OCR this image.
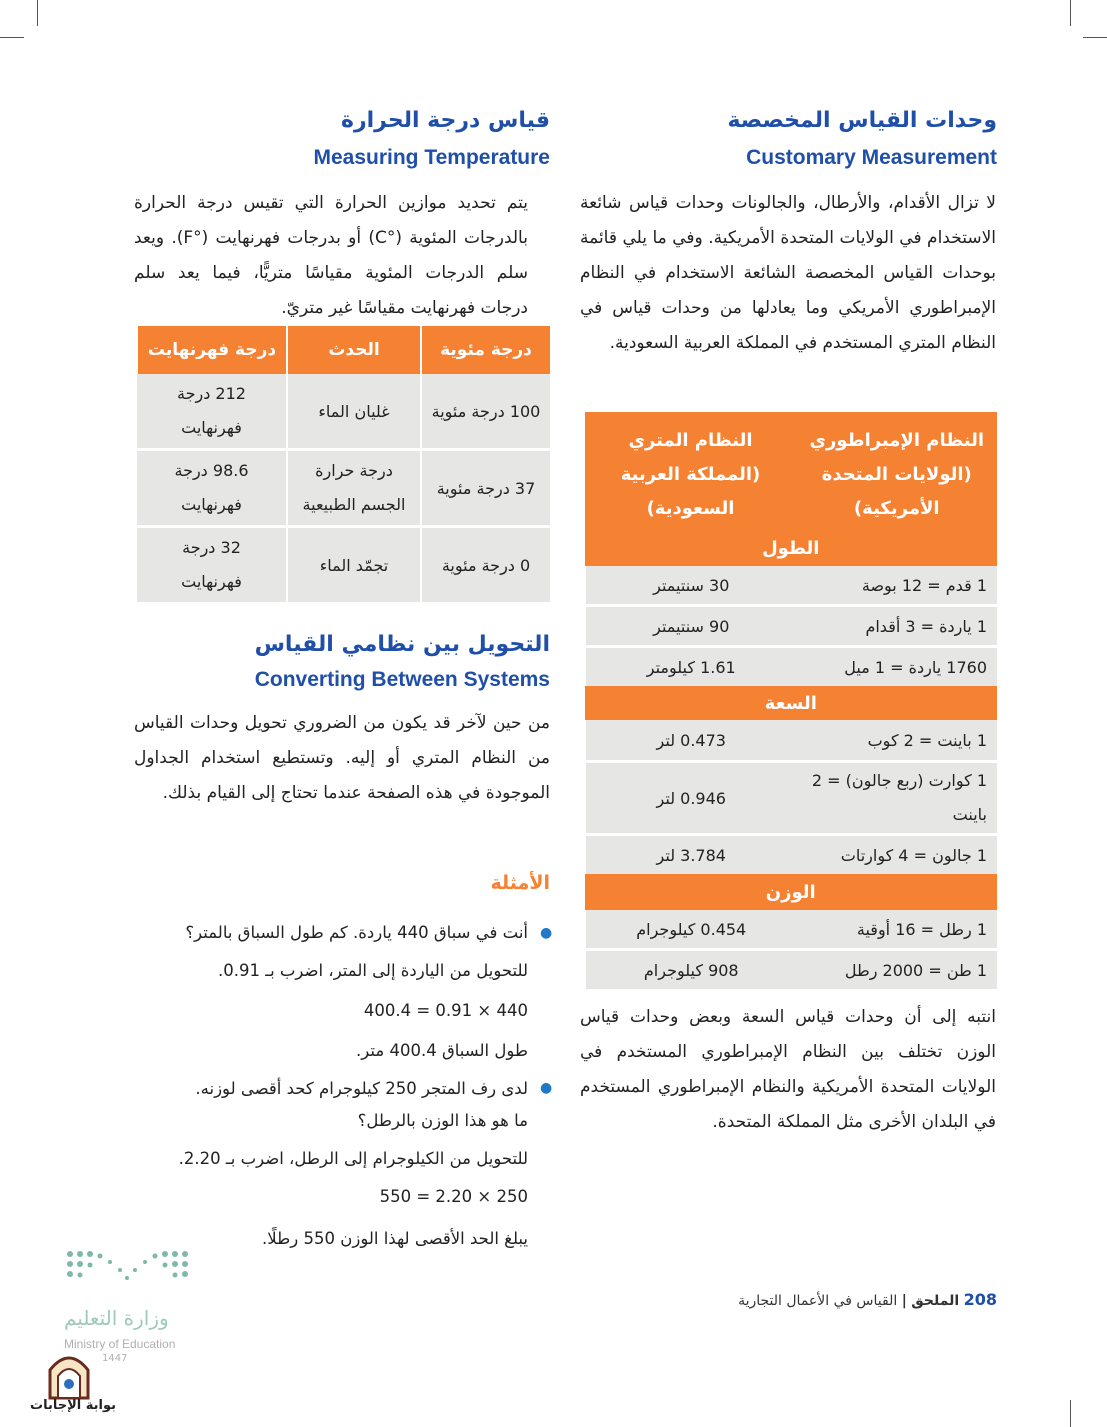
وحدات القياس المخصصة
Customary Measurement
لا تزال الأقدام، والأرطال، والجالونات وحدات قياس شائعة الاستخدام في الولايات المتحدة الأمريكية. وفي ما يلي قائمة بوحدات القياس المخصصة الشائعة الاستخدام في النظام الإمبراطوري الأمريكي وما يعادلها من وحدات قياس في النظام المتري المستخدم في المملكة العربية السعودية.
النظام المتري (المملكة العربية السعودية)	النظام الإمبراطوري (الولايات المتحدة الأمريكية)
الطول	
30 سنتيمتر	1 قدم = 12 بوصة
90 سنتيمتر	1 ياردة = 3 أقدام
1.61 كيلومتر	1760 ياردة = 1 ميل
السعة	
0.473 لتر	1 باينت = 2 كوب
0.946 لتر	1 كوارت (ربع جالون) = 2 باينت
3.784 لتر	1 جالون = 4 كوارتات
الوزن	
0.454 كيلوجرام	1 رطل = 16 أوقية
908 كيلوجرام	1 طن = 2000 رطل
انتبه إلى أن وحدات قياس السعة وبعض وحدات قياس الوزن تختلف بين النظام الإمبراطوري المستخدم في الولايات المتحدة الأمريكية والنظام الإمبراطوري المستخدم في البلدان الأخرى مثل المملكة المتحدة.
قياس درجة الحرارة
Measuring Temperature
يتم تحديد موازين الحرارة التي تقيس درجة الحرارة بالدرجات المئوية (°C) أو بدرجات فهرنهايت (°F). ويعد سلم الدرجات المئوية مقياسًا متريًّا، فيما يعد سلم درجات فهرنهايت مقياسًا غير متريّ.
درجة فهرنهايت	الحدث	درجة مئوية
212 درجة فهرنهايت	غليان الماء	100 درجة مئوية
98.6 درجة فهرنهايت	درجة حرارة الجسم الطبيعية	37 درجة مئوية
32 درجة فهرنهايت	تجمّد الماء	0 درجة مئوية
التحويل بين نظامي القياس
Converting Between Systems
من حين لآخر قد يكون من الضروري تحويل وحدات القياس من النظام المتري أو إليه. وتستطيع استخدام الجداول الموجودة في هذه الصفحة عندما تحتاج إلى القيام بذلك.
الأمثلة
●
أنت في سباق 440 ياردة. كم طول السباق بالمتر؟
للتحويل من الياردة إلى المتر، اضرب بـ 0.91.
440 × 0.91 = 400.4
طول السباق 400.4 متر.
●
لدى رف المتجر 250 كيلوجرام كحد أقصى لوزنه.
ما هو هذا الوزن بالرطل؟
للتحويل من الكيلوجرام إلى الرطل، اضرب بـ 2.20.
250 × 2.20 = 550
يبلغ الحد الأقصى لهذا الوزن 550 رطلًا.
208 الملحق | القياس في الأعمال التجارية
وزارة التعليم
Ministry of Education
1447
بوابة الإجابات
